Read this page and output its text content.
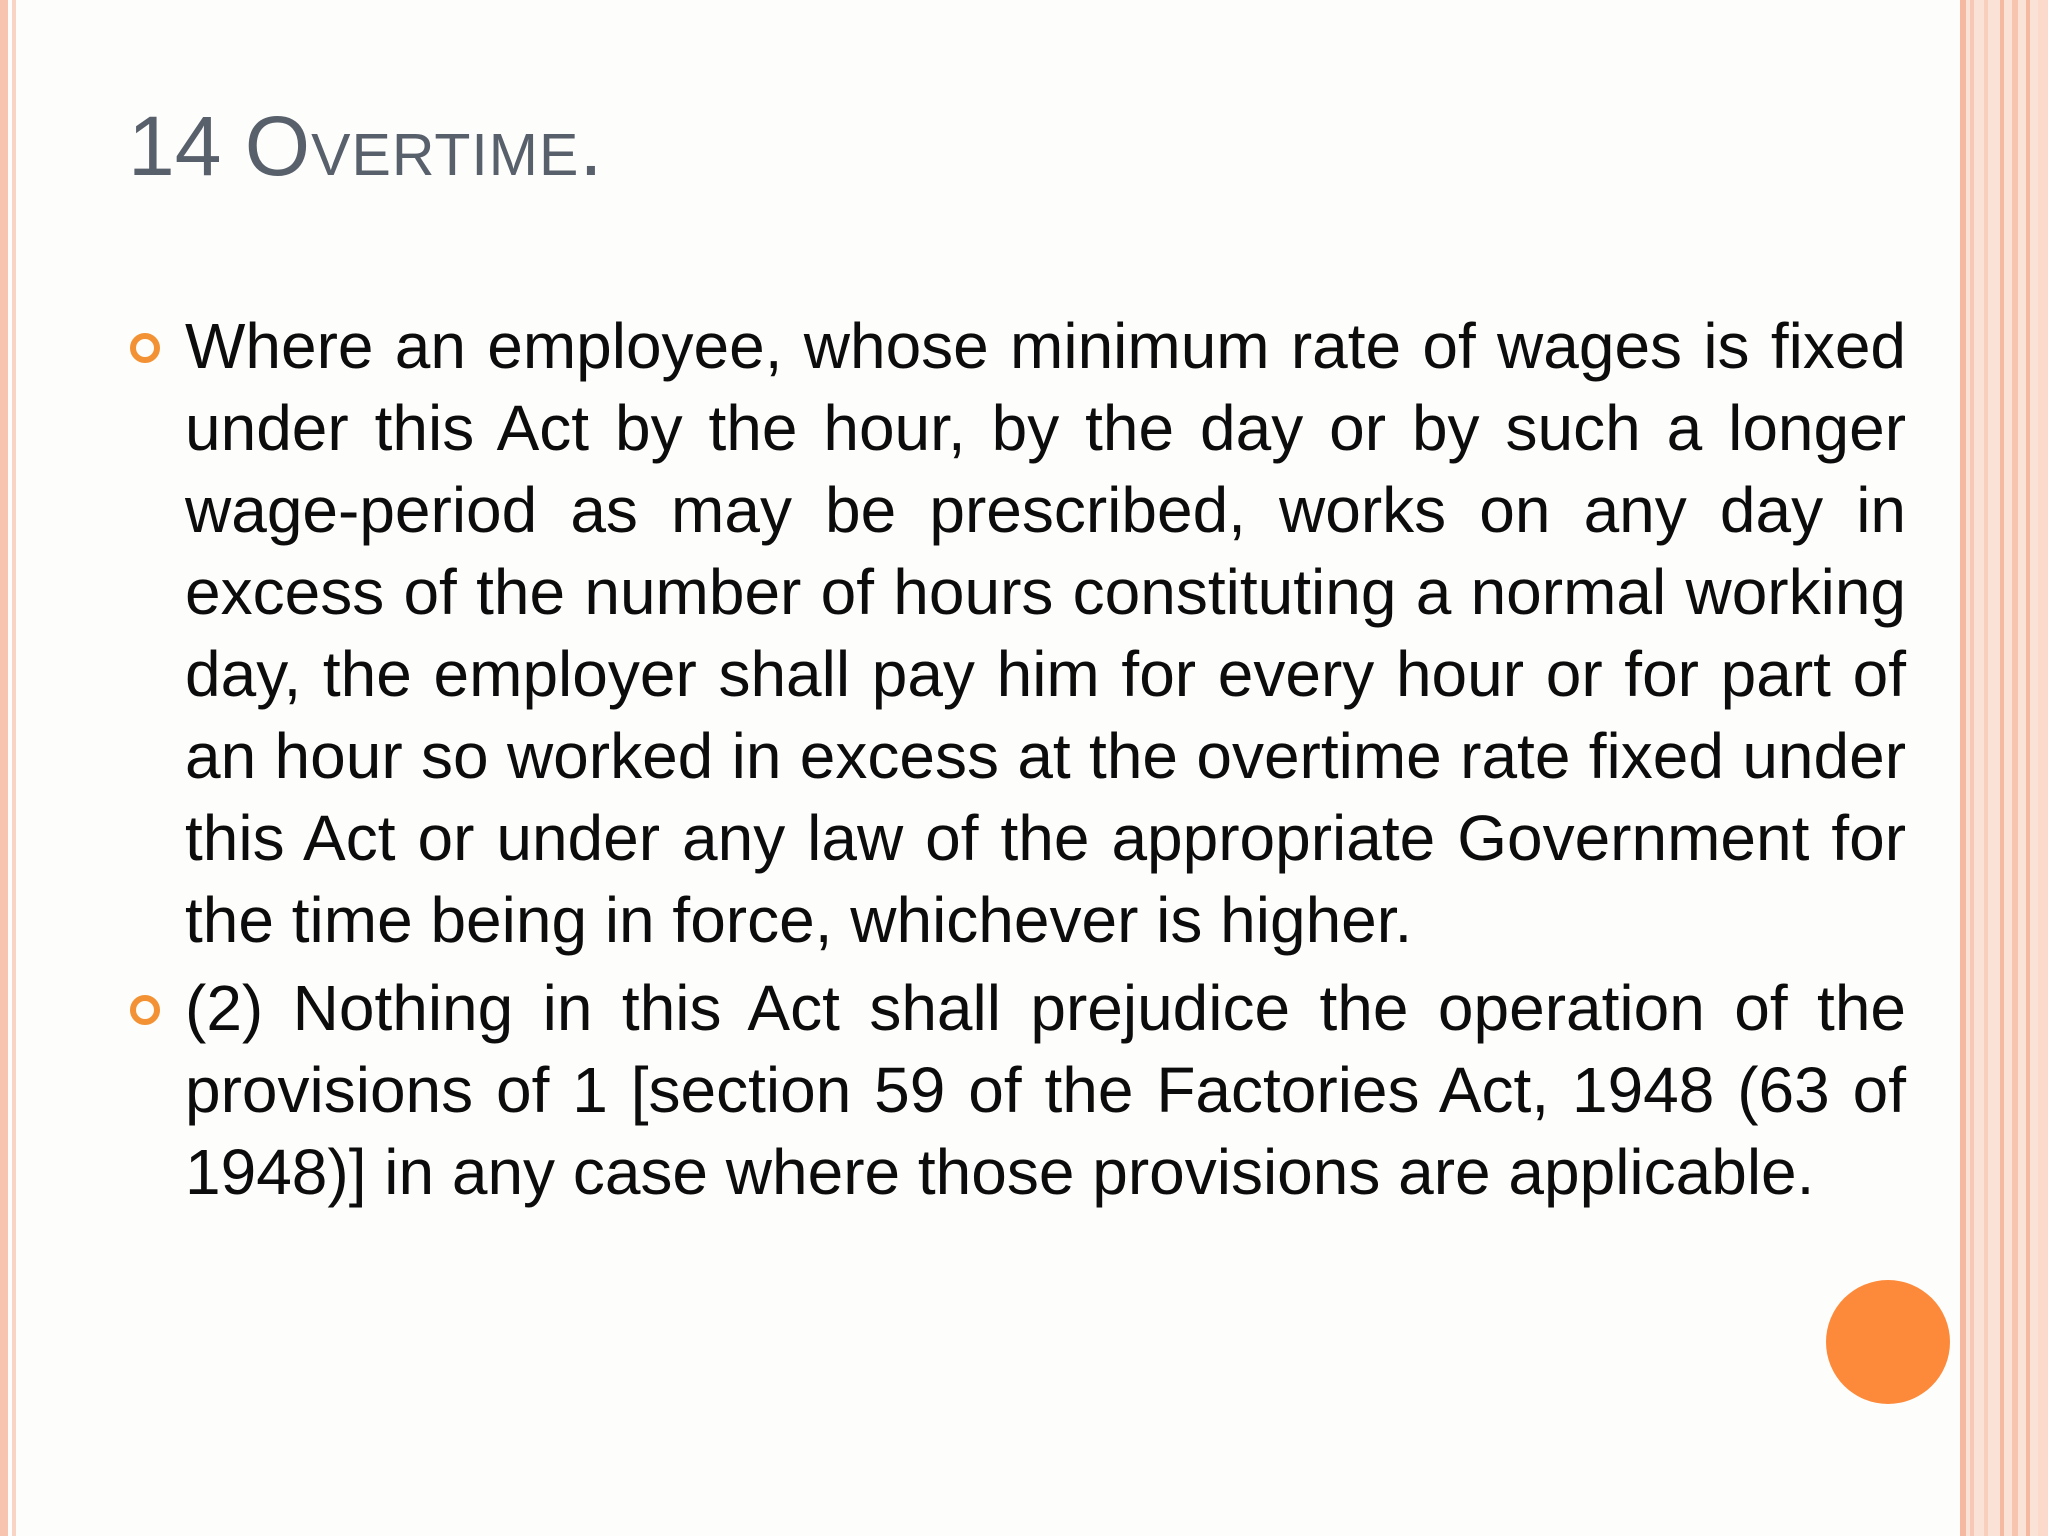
14 Overtime.

Where an employee, whose minimum rate of wages is fixed under this Act by the hour, by the day or by such a longer wage-period as may be prescribed, works on any day in excess of the number of hours constituting a normal working day, the employer shall pay him for every hour or for part of an hour so worked in excess at the overtime rate fixed under this Act or under any law of the appropriate Government for the time being in force, whichever is higher.

(2) Nothing in this Act shall prejudice the operation of the provisions of 1 [section 59 of the Factories Act, 1948 (63 of 1948)] in any case where those provisions are applicable.
